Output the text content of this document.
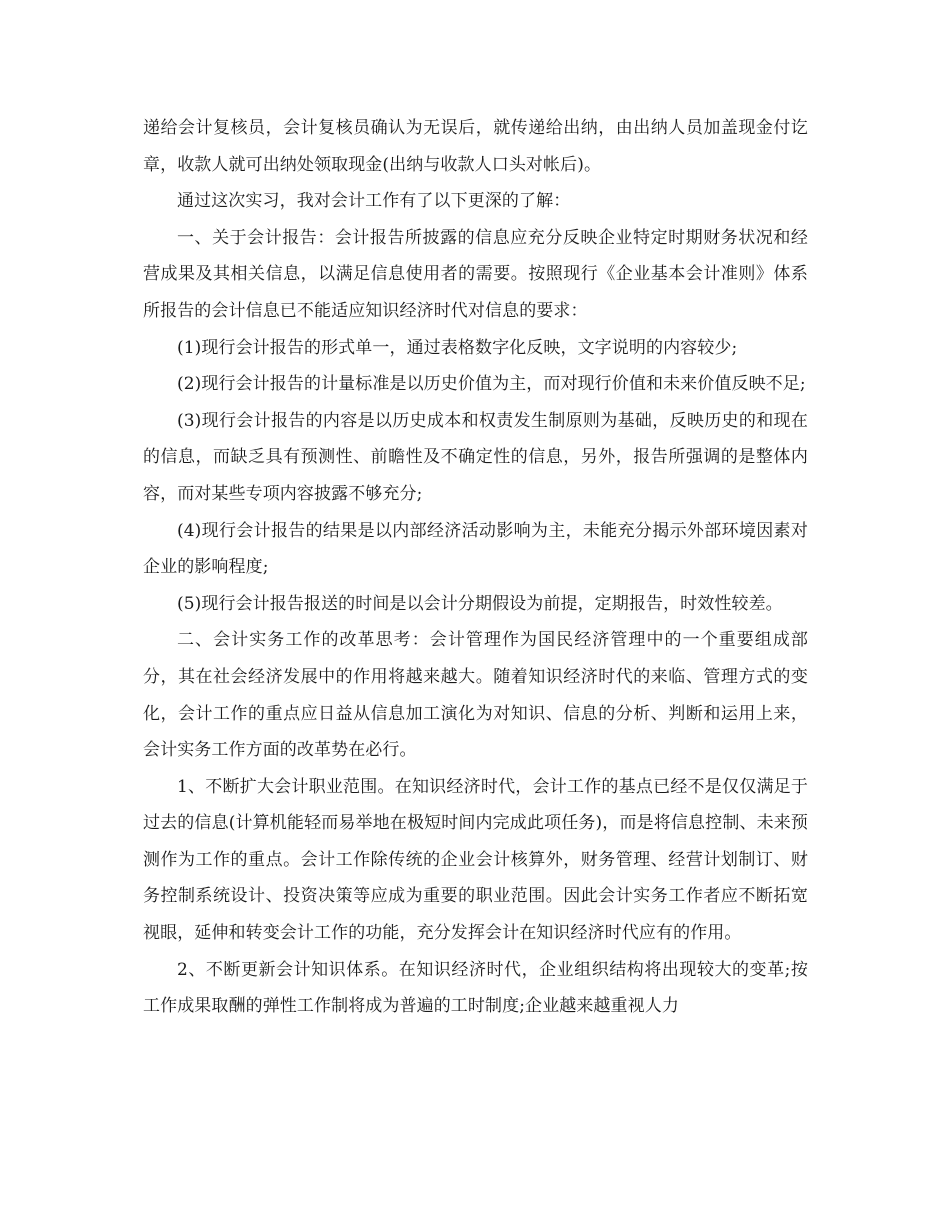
递给会计复核员，会计复核员确认为无误后，就传递给出纳，由出纳人员加盖现金付讫章，收款人就可出纳处领取现金(出纳与收款人口头对帐后)。

通过这次实习，我对会计工作有了以下更深的了解：

一、关于会计报告：会计报告所披露的信息应充分反映企业特定时期财务状况和经营成果及其相关信息，以满足信息使用者的需要。按照现行《企业基本会计准则》体系所报告的会计信息已不能适应知识经济时代对信息的要求：

(1)现行会计报告的形式单一，通过表格数字化反映，文字说明的内容较少;

(2)现行会计报告的计量标准是以历史价值为主，而对现行价值和未来价值反映不足;

(3)现行会计报告的内容是以历史成本和权责发生制原则为基础，反映历史的和现在的信息，而缺乏具有预测性、前瞻性及不确定性的信息，另外，报告所强调的是整体内容，而对某些专项内容披露不够充分;

(4)现行会计报告的结果是以内部经济活动影响为主，未能充分揭示外部环境因素对企业的影响程度;

(5)现行会计报告报送的时间是以会计分期假设为前提，定期报告，时效性较差。

二、会计实务工作的改革思考：会计管理作为国民经济管理中的一个重要组成部分，其在社会经济发展中的作用将越来越大。随着知识经济时代的来临、管理方式的变化，会计工作的重点应日益从信息加工演化为对知识、信息的分析、判断和运用上来，会计实务工作方面的改革势在必行。

1、不断扩大会计职业范围。在知识经济时代，会计工作的基点已经不是仅仅满足于过去的信息(计算机能轻而易举地在极短时间内完成此项任务)，而是将信息控制、未来预测作为工作的重点。会计工作除传统的企业会计核算外，财务管理、经营计划制订、财务控制系统设计、投资决策等应成为重要的职业范围。因此会计实务工作者应不断拓宽视眼，延伸和转变会计工作的功能，充分发挥会计在知识经济时代应有的作用。

2、不断更新会计知识体系。在知识经济时代，企业组织结构将出现较大的变革;按工作成果取酬的弹性工作制将成为普遍的工时制度;企业越来越重视人力
